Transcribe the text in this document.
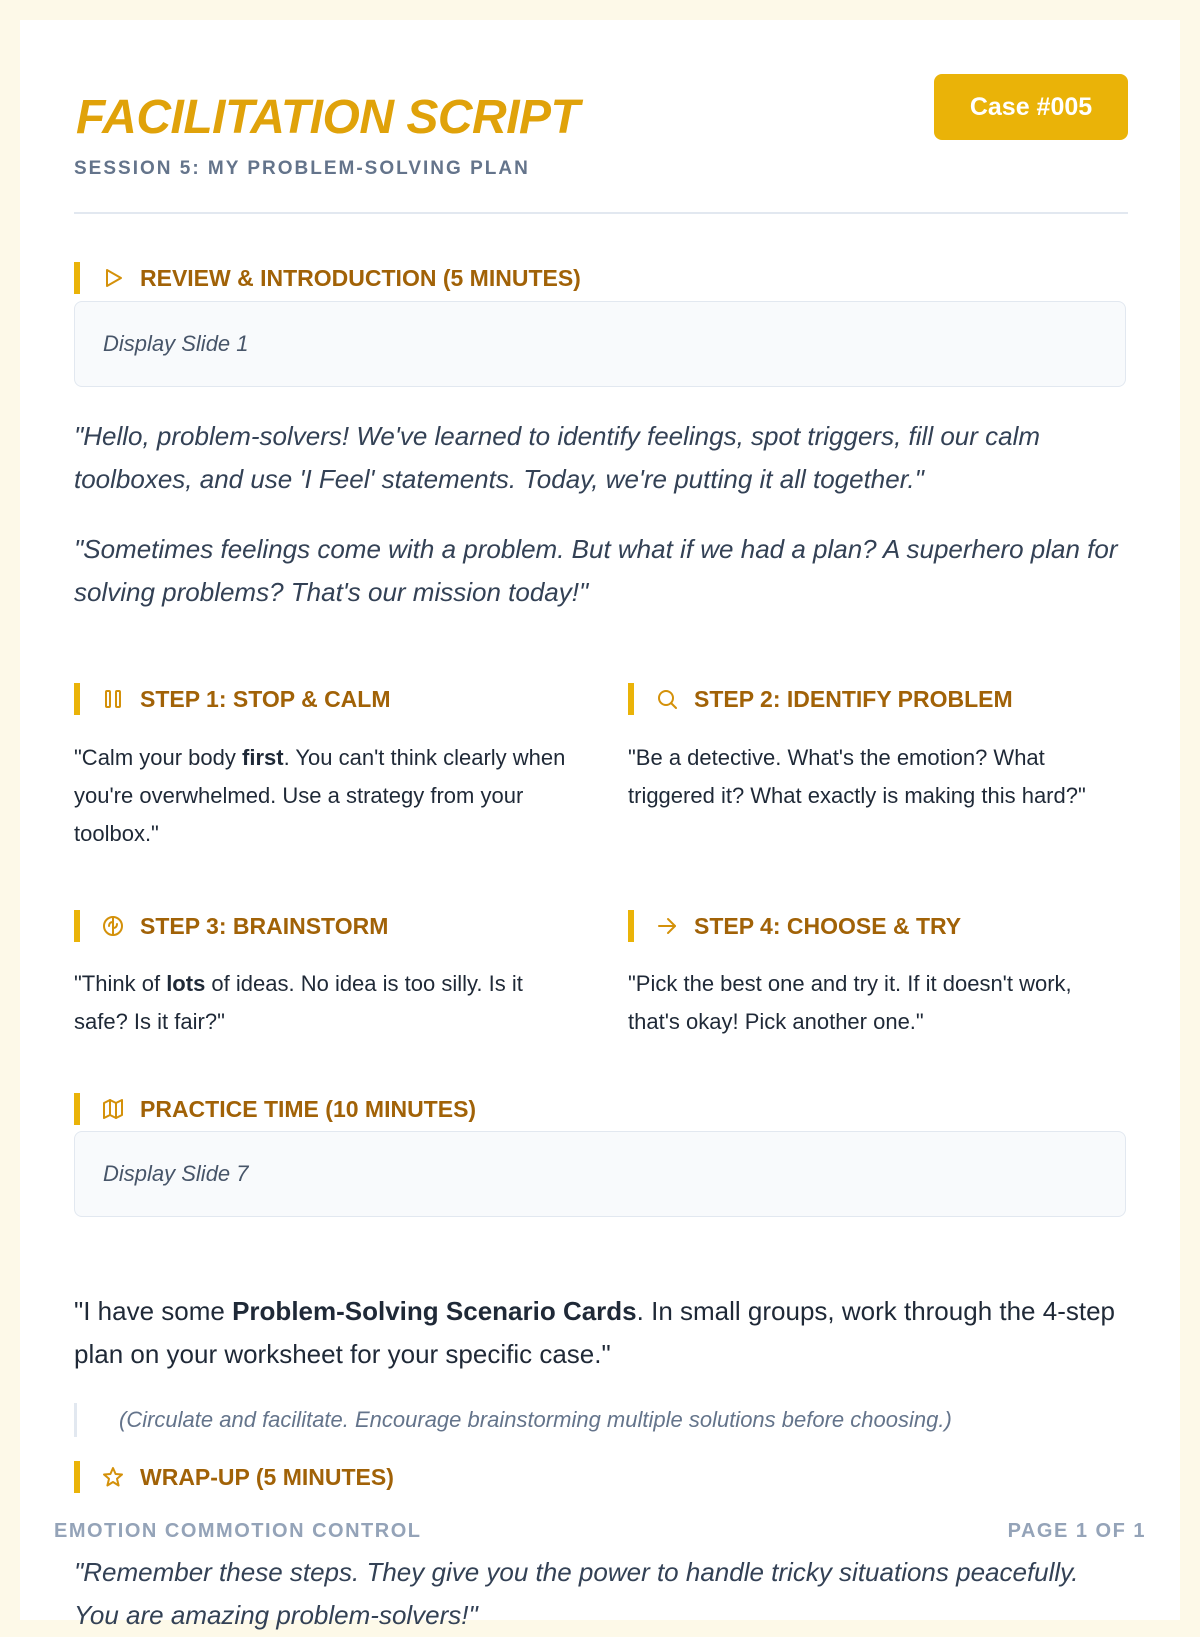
FACILITATION SCRIPT
SESSION 5: MY PROBLEM-SOLVING PLAN
Case #005
REVIEW & INTRODUCTION (5 MINUTES)
Display Slide 1

"Hello, problem-solvers! We've learned to identify feelings, spot triggers, fill our calm toolboxes, and use 'I Feel' statements. Today, we're putting it all together."

"Sometimes feelings come with a problem. But what if we had a plan? A superhero plan for solving problems? That's our mission today!"

STEP 1: STOP & CALM

"Calm your body first. You can't think clearly when you're overwhelmed. Use a strategy from your toolbox."

STEP 2: IDENTIFY PROBLEM

"Be a detective. What's the emotion? What triggered it? What exactly is making this hard?"

STEP 3: BRAINSTORM

"Think of lots of ideas. No idea is too silly. Is it safe? Is it fair?"

STEP 4: CHOOSE & TRY

"Pick the best one and try it. If it doesn't work, that's okay! Pick another one."

PRACTICE TIME (10 MINUTES)
Display Slide 7

"I have some Problem-Solving Scenario Cards. In small groups, work through the 4-step plan on your worksheet for your specific case."

(Circulate and facilitate. Encourage brainstorming multiple solutions before choosing.)
WRAP-UP (5 MINUTES)

"Remember these steps. They give you the power to handle tricky situations peacefully. You are amazing problem-solvers!"

EMOTION COMMOTION CONTROL	PAGE 1 OF 1
